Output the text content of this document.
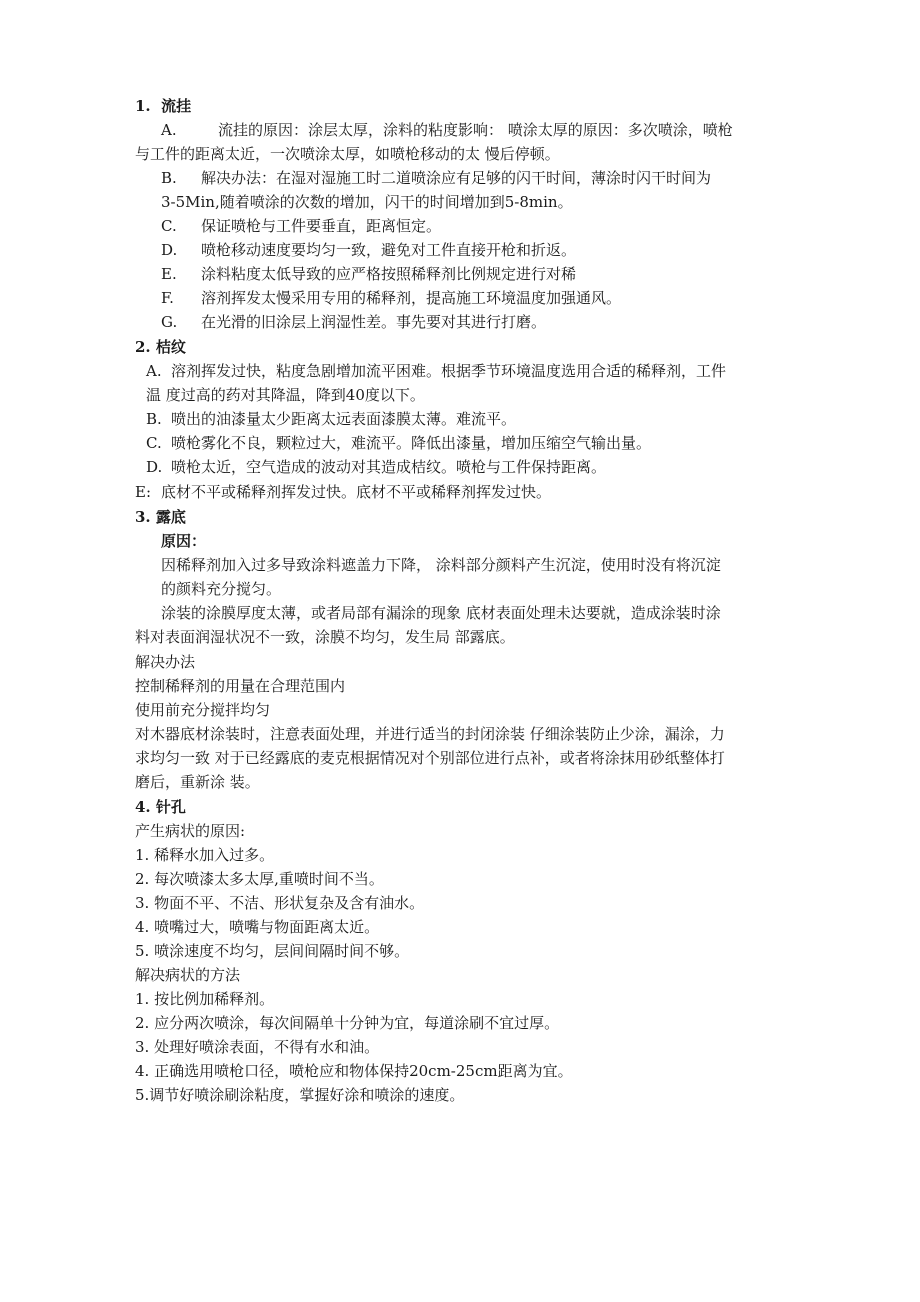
1. 流挂
A.	流挂的原因：涂层太厚，涂料的粘度影响： 喷涂太厚的原因：多次喷涂，喷枪
与工件的距离太近，一次喷涂太厚，如喷枪移动的太 慢后停顿。
B. 解决办法：在湿对湿施工时二道喷涂应有足够的闪干时间，薄涂时闪干时间为
3-5Min,随着喷涂的次数的增加，闪干的时间增加到5-8min。
C. 保证喷枪与工件要垂直，距离恒定。
D. 喷枪移动速度要均匀一致，避免对工件直接开枪和折返。
E. 涂料粘度太低导致的应严格按照稀释剂比例规定进行对稀
F. 溶剂挥发太慢采用专用的稀释剂，提高施工环境温度加强通风。
G. 在光滑的旧涂层上润湿性差。事先要对其进行打磨。
2. 桔纹
A. 溶剂挥发过快，粘度急剧增加流平困难。根据季节环境温度选用合适的稀释剂，工件
温 度过高的药对其降温，降到40度以下。
B. 喷出的油漆量太少距离太远表面漆膜太薄。难流平。
C. 喷枪雾化不良，颗粒过大，难流平。降低出漆量，增加压缩空气输出量。
D. 喷枪太近，空气造成的波动对其造成桔纹。喷枪与工件保持距离。
E: 底材不平或稀释剂挥发过快。底材不平或稀释剂挥发过快。
3. 露底
原因：
因稀释剂加入过多导致涂料遮盖力下降， 涂料部分颜料产生沉淀，使用时没有将沉淀
的颜料充分搅匀。
涂装的涂膜厚度太薄，或者局部有漏涂的现象 底材表面处理未达要就，造成涂装时涂
料对表面润湿状况不一致，涂膜不均匀，发生局 部露底。
解决办法
控制稀释剂的用量在合理范围内
使用前充分搅拌均匀
对木器底材涂装时，注意表面处理，并进行适当的封闭涂装 仔细涂装防止少涂，漏涂，力
求均匀一致 对于已经露底的麦克根据情况对个别部位进行点补，或者将涂抹用砂纸整体打
磨后，重新涂 装。
4. 针孔
产生病状的原因:
1. 稀释水加入过多。
2. 每次喷漆太多太厚,重喷时间不当。
3. 物面不平、不洁、形状复杂及含有油水。
4. 喷嘴过大，喷嘴与物面距离太近。
5. 喷涂速度不均匀，层间间隔时间不够。
解决病状的方法
1. 按比例加稀释剂。
2. 应分两次喷涂，每次间隔单十分钟为宜，每道涂刷不宜过厚。
3. 处理好喷涂表面，不得有水和油。
4. 正确选用喷枪口径，喷枪应和物体保持20cm-25cm距离为宜。
5.调节好喷涂刷涂粘度，掌握好涂和喷涂的速度。
